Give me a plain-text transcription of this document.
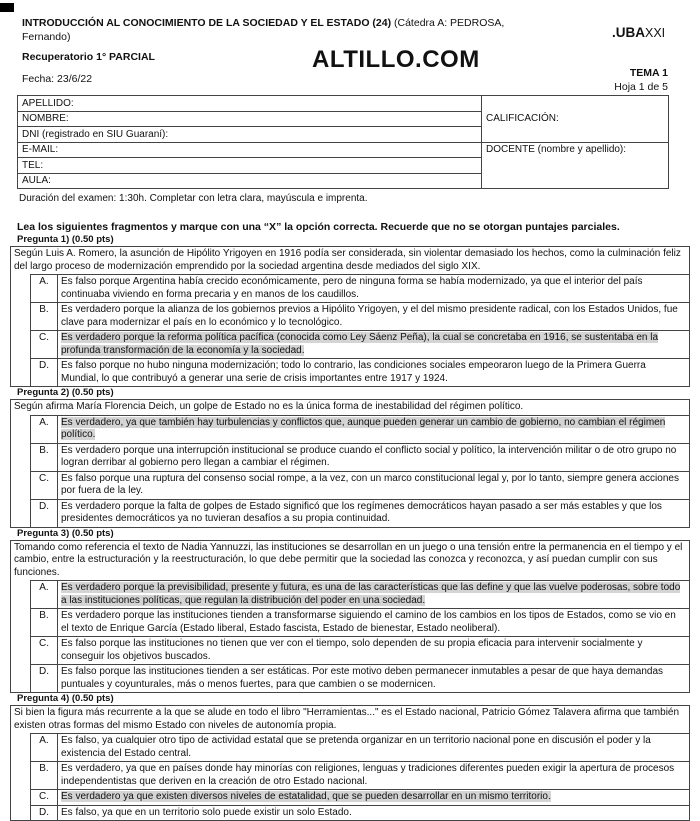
INTRODUCCIÓN AL CONOCIMIENTO DE LA SOCIEDAD Y EL ESTADO (24) (Cátedra A: PEDROSA, Fernando)	.UBAXXI
Recuperatorio 1° PARCIAL	ALTILLO.COM
Fecha: 23/6/22	TEMA 1
Hoja 1 de 5
APELLIDO:	CALIFICACIÓN:
NOMBRE:	
DNI (registrado en SIU Guaraní):	
E-MAIL:	DOCENTE (nombre y apellido):
TEL:	
AULA:	
Duración del examen: 1:30h. Completar con letra clara, mayúscula e imprenta.
Lea los siguientes fragmentos y marque con una “X” la opción correcta. Recuerde que no se otorgan puntajes parciales.
Pregunta 1) (0.50 pts)
Según Luis A. Romero, la asunción de Hipólito Yrigoyen en 1916 podía ser considerada, sin violentar demasiado los hechos, como la culminación feliz del largo proceso de modernización emprendido por la sociedad argentina desde mediados del siglo XIX.
A.	Es falso porque Argentina había crecido económicamente, pero de ninguna forma se había modernizado, ya que el interior del país continuaba viviendo en forma precaria y en manos de los caudillos.
B.	Es verdadero porque la alianza de los gobiernos previos a Hipólito Yrigoyen, y el del mismo presidente radical, con los Estados Unidos, fue clave para modernizar el país en lo económico y lo tecnológico.
C.	Es verdadero porque la reforma política pacífica (conocida como Ley Sáenz Peña), la cual se concretaba en 1916, se sustentaba en la profunda transformación de la economía y la sociedad.
D.	Es falso porque no hubo ninguna modernización; todo lo contrario, las condiciones sociales empeoraron luego de la Primera Guerra Mundial, lo que contribuyó a generar una serie de crisis importantes entre 1917 y 1924.
Pregunta 2) (0.50 pts)
Según afirma María Florencia Deich, un golpe de Estado no es la única forma de inestabilidad del régimen político.
A.	Es verdadero, ya que también hay turbulencias y conflictos que, aunque pueden generar un cambio de gobierno, no cambian el régimen político.
B.	Es verdadero porque una interrupción institucional se produce cuando el conflicto social y político, la intervención militar o de otro grupo no logran derribar al gobierno pero llegan a cambiar el régimen.
C.	Es falso porque una ruptura del consenso social rompe, a la vez, con un marco constitucional legal y, por lo tanto, siempre genera acciones por fuera de la ley.
D.	Es verdadero porque la falta de golpes de Estado significó que los regímenes democráticos hayan pasado a ser más estables y que los presidentes democráticos ya no tuvieran desafíos a su propia continuidad.
Pregunta 3) (0.50 pts)
Tomando como referencia el texto de Nadia Yannuzzi, las instituciones se desarrollan en un juego o una tensión entre la permanencia en el tiempo y el cambio, entre la estructuración y la reestructuración, lo que debe permitir que la sociedad las conozca y reconozca, y así puedan cumplir con sus funciones.
A.	Es verdadero porque la previsibilidad, presente y futura, es una de las características que las define y que las vuelve poderosas, sobre todo a las instituciones políticas, que regulan la distribución del poder en una sociedad.
B.	Es verdadero porque las instituciones tienden a transformarse siguiendo el camino de los cambios en los tipos de Estados, como se vio en el texto de Enrique García (Estado liberal, Estado fascista, Estado de bienestar, Estado neoliberal).
C.	Es falso porque las instituciones no tienen que ver con el tiempo, solo dependen de su propia eficacia para intervenir socialmente y conseguir los objetivos buscados.
D.	Es falso porque las instituciones tienden a ser estáticas. Por este motivo deben permanecer inmutables a pesar de que haya demandas puntuales y coyunturales, más o menos fuertes, para que cambien o se modernicen.
Pregunta 4) (0.50 pts)
Si bien la figura más recurrente a la que se alude en todo el libro "Herramientas..." es el Estado nacional, Patricio Gómez Talavera afirma que también existen otras formas del mismo Estado con niveles de autonomía propia.
A.	Es falso, ya cualquier otro tipo de actividad estatal que se pretenda organizar en un territorio nacional pone en discusión el poder y la existencia del Estado central.
B.	Es verdadero, ya que en países donde hay minorías con religiones, lenguas y tradiciones diferentes pueden exigir la apertura de procesos independentistas que deriven en la creación de otro Estado nacional.
C.	Es verdadero ya que existen diversos niveles de estatalidad, que se pueden desarrollar en un mismo territorio.
D.	Es falso, ya que en un territorio solo puede existir un solo Estado.
